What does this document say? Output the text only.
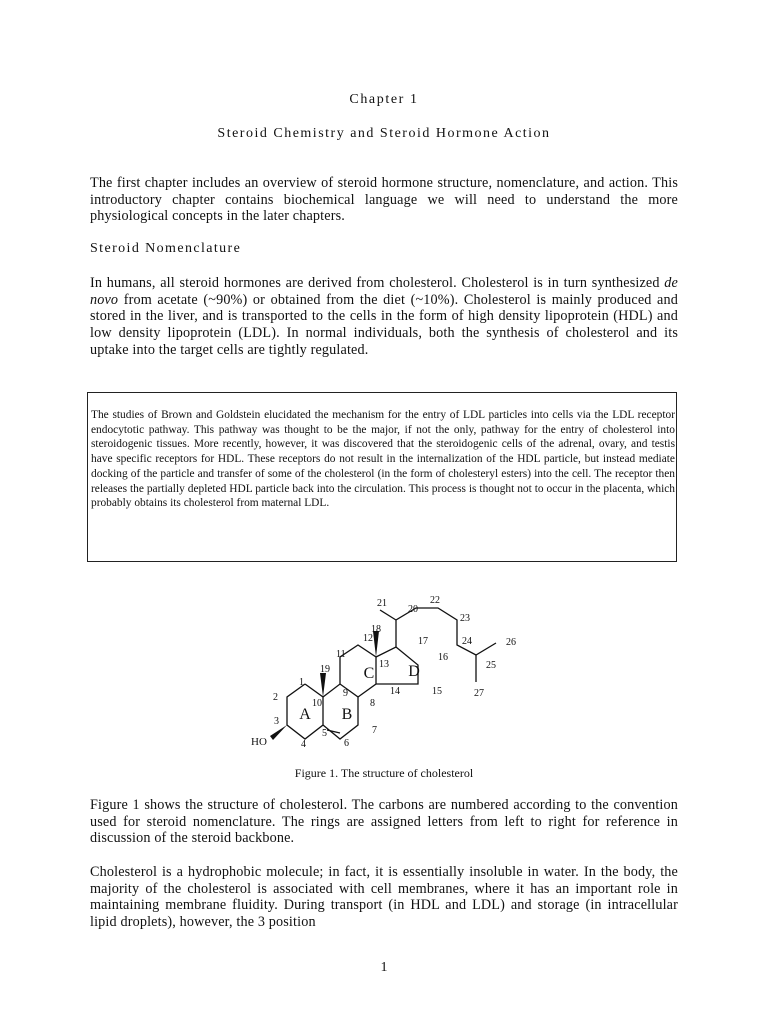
Chapter 1
Steroid Chemistry and Steroid Hormone Action

The first chapter includes an overview of steroid hormone structure, nomenclature, and action. This introductory chapter contains biochemical language we will need to understand the more physiological concepts in the later chapters.

Steroid Nomenclature

In humans, all steroid hormones are derived from cholesterol. Cholesterol is in turn synthesized de novo from acetate (~90%) or obtained from the diet (~10%). Cholesterol is mainly produced and stored in the liver, and is transported to the cells in the form of high density lipoprotein (HDL) and low density lipoprotein (LDL). In normal individuals, both the synthesis of cholesterol and its uptake into the target cells are tightly regulated.

The studies of Brown and Goldstein elucidated the mechanism for the entry of LDL particles into cells via the LDL receptor endocytotic pathway. This pathway was thought to be the major, if not the only, pathway for the entry of cholesterol into steroidogenic tissues. More recently, however, it was discovered that the steroidogenic cells of the adrenal, ovary, and testis have specific receptors for HDL. These receptors do not result in the internalization of the HDL particle, but instead mediate docking of the particle and transfer of some of the cholesterol (in the form of cholesteryl esters) into the cell. The receptor then releases the partially depleted HDL particle back into the circulation. This process is thought not to occur in the placenta, which probably obtains its cholesterol from maternal LDL.

A B
C D
HO
1
2
3
4
5
6
7
8
9
10
11
12
13
14	15
16
17
18
19
20
21	22
23
24
25
26
27
Figure 1. The structure of cholesterol

Figure 1 shows the structure of cholesterol. The carbons are numbered according to the convention used for steroid nomenclature. The rings are assigned letters from left to right for reference in discussion of the steroid backbone.

Cholesterol is a hydrophobic molecule; in fact, it is essentially insoluble in water. In the body, the majority of the cholesterol is associated with cell membranes, where it has an important role in maintaining membrane fluidity. During transport (in HDL and LDL) and storage (in intracellular lipid droplets), however, the 3 position

1
